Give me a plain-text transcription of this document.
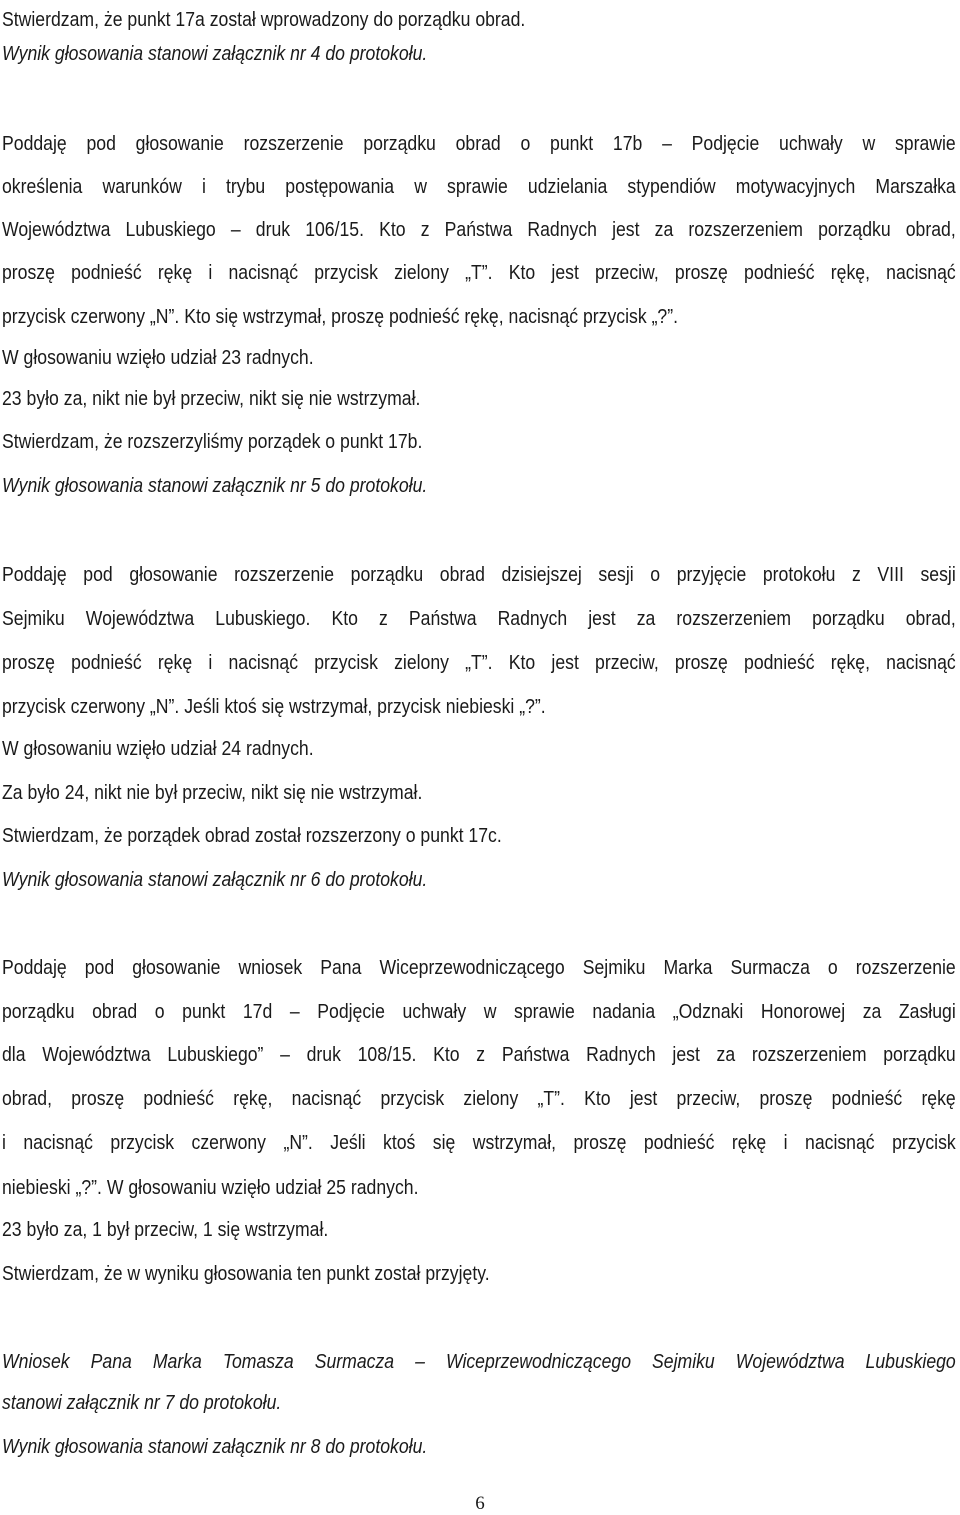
Stwierdzam, że punkt 17a został wprowadzony do porządku obrad.
Wynik głosowania stanowi załącznik nr 4 do protokołu.
Poddaję pod głosowanie rozszerzenie porządku obrad o punkt 17b – Podjęcie uchwały w sprawie
określenia warunków i trybu postępowania w sprawie udzielania stypendiów motywacyjnych Marszałka
Województwa Lubuskiego – druk 106/15. Kto z Państwa Radnych jest za rozszerzeniem porządku obrad,
proszę podnieść rękę i nacisnąć przycisk zielony „T”. Kto jest przeciw, proszę podnieść rękę, nacisnąć
przycisk czerwony „N”. Kto się wstrzymał, proszę podnieść rękę, nacisnąć przycisk „?”.
W głosowaniu wzięło udział 23 radnych.
23 było za, nikt nie był przeciw, nikt się nie wstrzymał.
Stwierdzam, że rozszerzyliśmy porządek o punkt 17b.
Wynik głosowania stanowi załącznik nr 5 do protokołu.
Poddaję pod głosowanie rozszerzenie porządku obrad dzisiejszej sesji o przyjęcie protokołu z VIII sesji
Sejmiku Województwa Lubuskiego. Kto z Państwa Radnych jest za rozszerzeniem porządku obrad,
proszę podnieść rękę i nacisnąć przycisk zielony „T”. Kto jest przeciw, proszę podnieść rękę, nacisnąć
przycisk czerwony „N”. Jeśli ktoś się wstrzymał, przycisk niebieski „?”.
W głosowaniu wzięło udział 24 radnych.
Za było 24, nikt nie był przeciw, nikt się nie wstrzymał.
Stwierdzam, że porządek obrad został rozszerzony o punkt 17c.
Wynik głosowania stanowi załącznik nr 6 do protokołu.
Poddaję pod głosowanie wniosek Pana Wiceprzewodniczącego Sejmiku Marka Surmacza o rozszerzenie
porządku obrad o punkt 17d – Podjęcie uchwały w sprawie nadania „Odznaki Honorowej za Zasługi
dla Województwa Lubuskiego” – druk 108/15. Kto z Państwa Radnych jest za rozszerzeniem porządku
obrad, proszę podnieść rękę, nacisnąć przycisk zielony „T”. Kto jest przeciw, proszę podnieść rękę
i nacisnąć przycisk czerwony „N”. Jeśli ktoś się wstrzymał, proszę podnieść rękę i nacisnąć przycisk
niebieski „?”. W głosowaniu wzięło udział 25 radnych.
23 było za, 1 był przeciw, 1 się wstrzymał.
Stwierdzam, że w wyniku głosowania ten punkt został przyjęty.
Wniosek Pana Marka Tomasza Surmacza – Wiceprzewodniczącego Sejmiku Województwa Lubuskiego
stanowi załącznik nr 7 do protokołu.
Wynik głosowania stanowi załącznik nr 8 do protokołu.
6
